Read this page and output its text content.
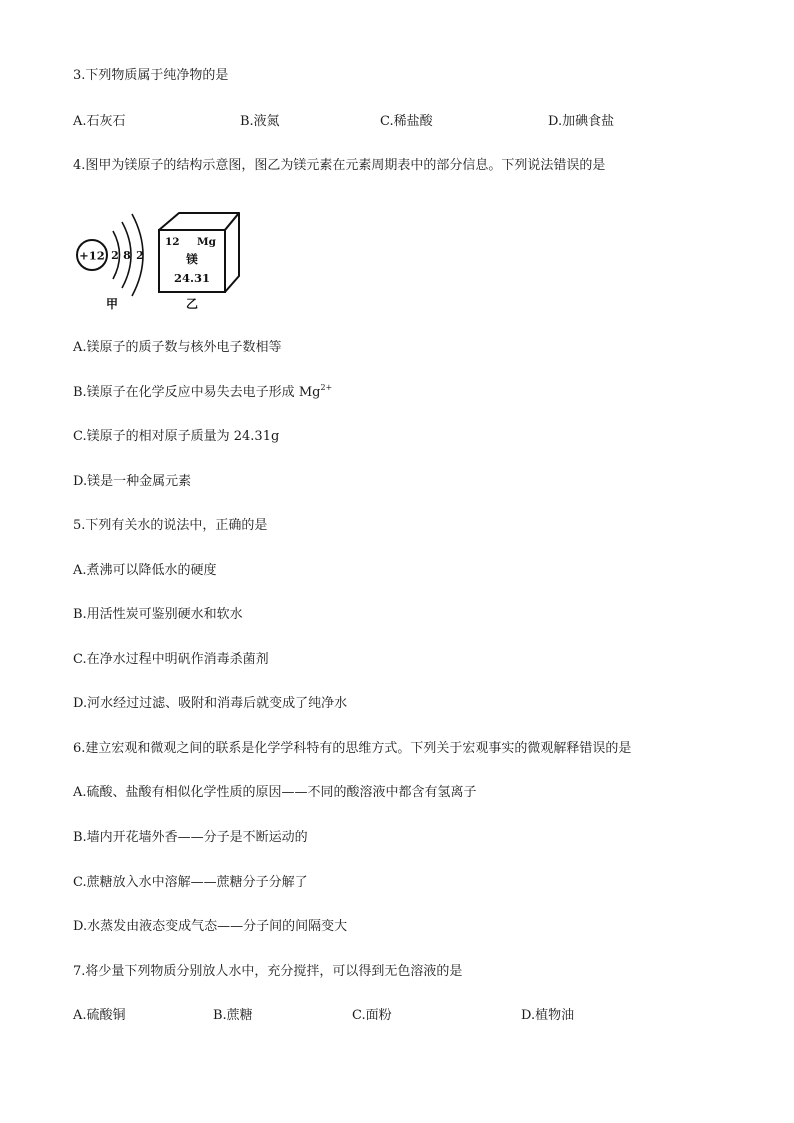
3.下列物质属于纯净物的是
A.石灰石	B.液氮	C.稀盐酸	D.加碘食盐
4.图甲为镁原子的结构示意图，图乙为镁元素在元素周期表中的部分信息。下列说法错误的是
+12 2 8 2
甲
12 Mg
镁
24.31
乙
A.镁原子的质子数与核外电子数相等
B.镁原子在化学反应中易失去电子形成 $Mg^{2+}$
C.镁原子的相对原子质量为 24.31g
D.镁是一种金属元素
5.下列有关水的说法中，正确的是
A.煮沸可以降低水的硬度
B.用活性炭可鉴别硬水和软水
C.在净水过程中明矾作消毒杀菌剂
D.河水经过过滤、吸附和消毒后就变成了纯净水
6.建立宏观和微观之间的联系是化学学科特有的思维方式。下列关于宏观事实的微观解释错误的是
A.硫酸、盐酸有相似化学性质的原因——不同的酸溶液中都含有氢离子
B.墙内开花墙外香——分子是不断运动的
C.蔗糖放入水中溶解——蔗糖分子分解了
D.水蒸发由液态变成气态——分子间的间隔变大
7.将少量下列物质分别放人水中，充分搅拌，可以得到无色溶液的是
A.硫酸铜	B.蔗糖	C.面粉	D.植物油
